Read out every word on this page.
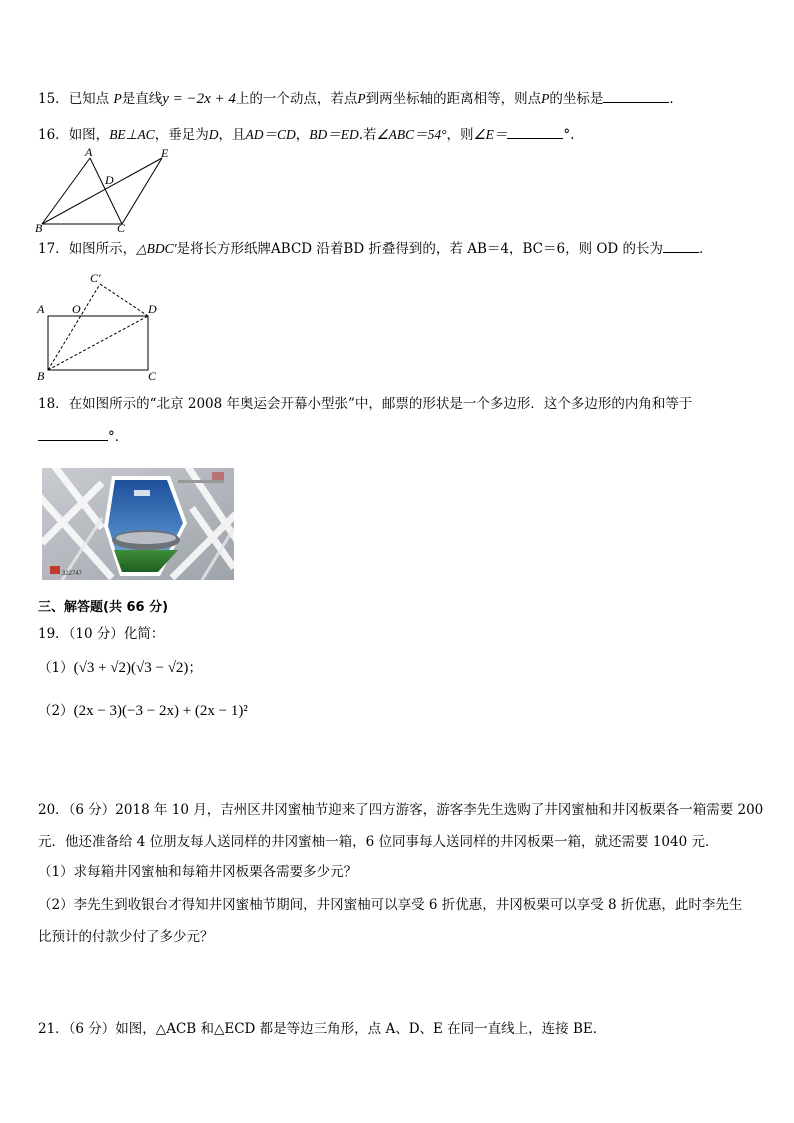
15．已知点 P是直线y = −2x + 4上的一个动点，若点P到两坐标轴的距离相等，则点P的坐标是	．
16．如图，BE⊥AC，垂足为D，且AD＝CD，BD＝ED.若∠ABC＝54°，则∠E＝	°.
A	E
D
B	C
17．如图所示，△BDC′是将长方形纸牌ABCD 沿着BD 折叠得到的，若 AB＝4，BC＝6，则 OD 的长为	．
C′
A O	D
B	C
18．在如图所示的“北京 2008 年奥运会开幕小型张”中，邮票的形状是一个多边形．这个多边形的内角和等于
°．
322747
三、解答题(共 66 分)
19．（10 分）化简：
（1）(√3 + √2)(√3 − √2)；
（2）(2x − 3)(−3 − 2x) + (2x − 1)²
20．（6 分）2018 年 10 月，吉州区井冈蜜柚节迎来了四方游客，游客李先生选购了井冈蜜柚和井冈板栗各一箱需要 200
元．他还准备给 4 位朋友每人送同样的井冈蜜柚一箱，6 位同事每人送同样的井冈板栗一箱，就还需要 1040 元．
（1）求每箱井冈蜜柚和每箱井冈板栗各需要多少元？
（2）李先生到收银台才得知井冈蜜柚节期间，井冈蜜柚可以享受 6 折优惠，井冈板栗可以享受 8 折优惠，此时李先生
比预计的付款少付了多少元？
21．（6 分）如图，△ACB 和△ECD 都是等边三角形，点 A、D、E 在同一直线上，连接 BE．
